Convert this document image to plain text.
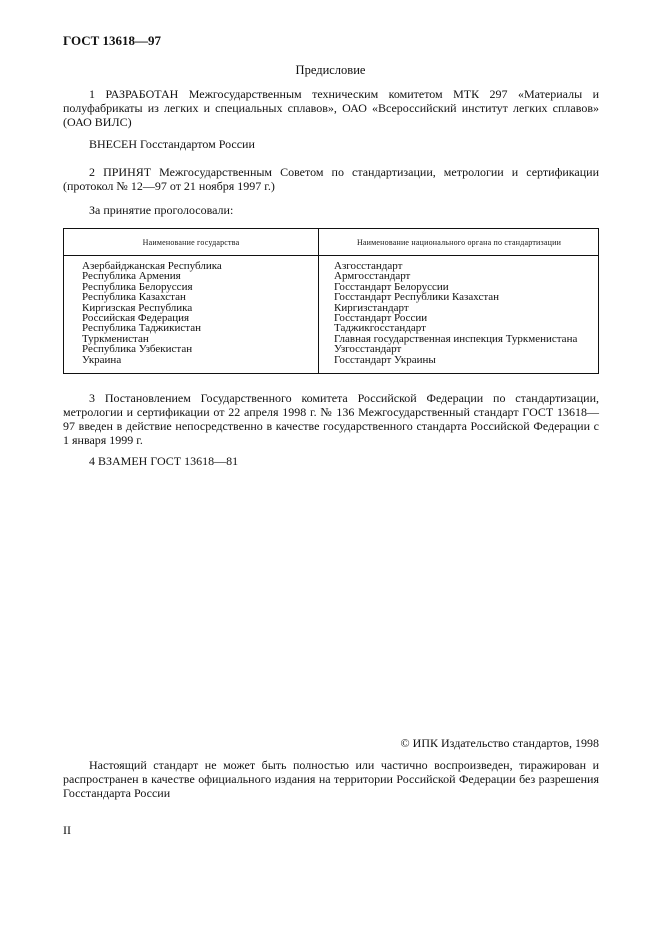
ГОСТ 13618—97
Предисловие
1 РАЗРАБОТАН Межгосударственным техническим комитетом МТК 297 «Материалы и полуфабрикаты из легких и специальных сплавов», ОАО «Всероссийский институт легких сплавов» (ОАО ВИЛС)
ВНЕСЕН Госстандартом России
2 ПРИНЯТ Межгосударственным Советом по стандартизации, метрологии и сертификации (протокол № 12—97 от 21 ноября 1997 г.)
За принятие проголосовали:
Наименование государства	Наименование национального органа по стандартизации
Азербайджанская Республика
Республика Армения
Республика Белоруссия
Республика Казахстан
Киргизская Республика
Российская Федерация
Республика Таджикистан
Туркменистан
Республика Узбекистан
Украина
Азгосстандарт
Армгосстандарт
Госстандарт Белоруссии
Госстандарт Республики Казахстан
Киргизстандарт
Госстандарт России
Таджикгосстандарт
Главная государственная инспекция Туркменистана
Узгосстандарт
Госстандарт Украины
3 Постановлением Государственного комитета Российской Федерации по стандартизации, метрологии и сертификации от 22 апреля 1998 г. № 136 Межгосударственный стандарт ГОСТ 13618—97 введен в действие непосредственно в качестве государственного стандарта Российской Федерации с 1 января 1999 г.
4 ВЗАМЕН ГОСТ 13618—81
© ИПК Издательство стандартов, 1998
Настоящий стандарт не может быть полностью или частично воспроизведен, тиражирован и распространен в качестве официального издания на территории Российской Федерации без разрешения Госстандарта России
II
